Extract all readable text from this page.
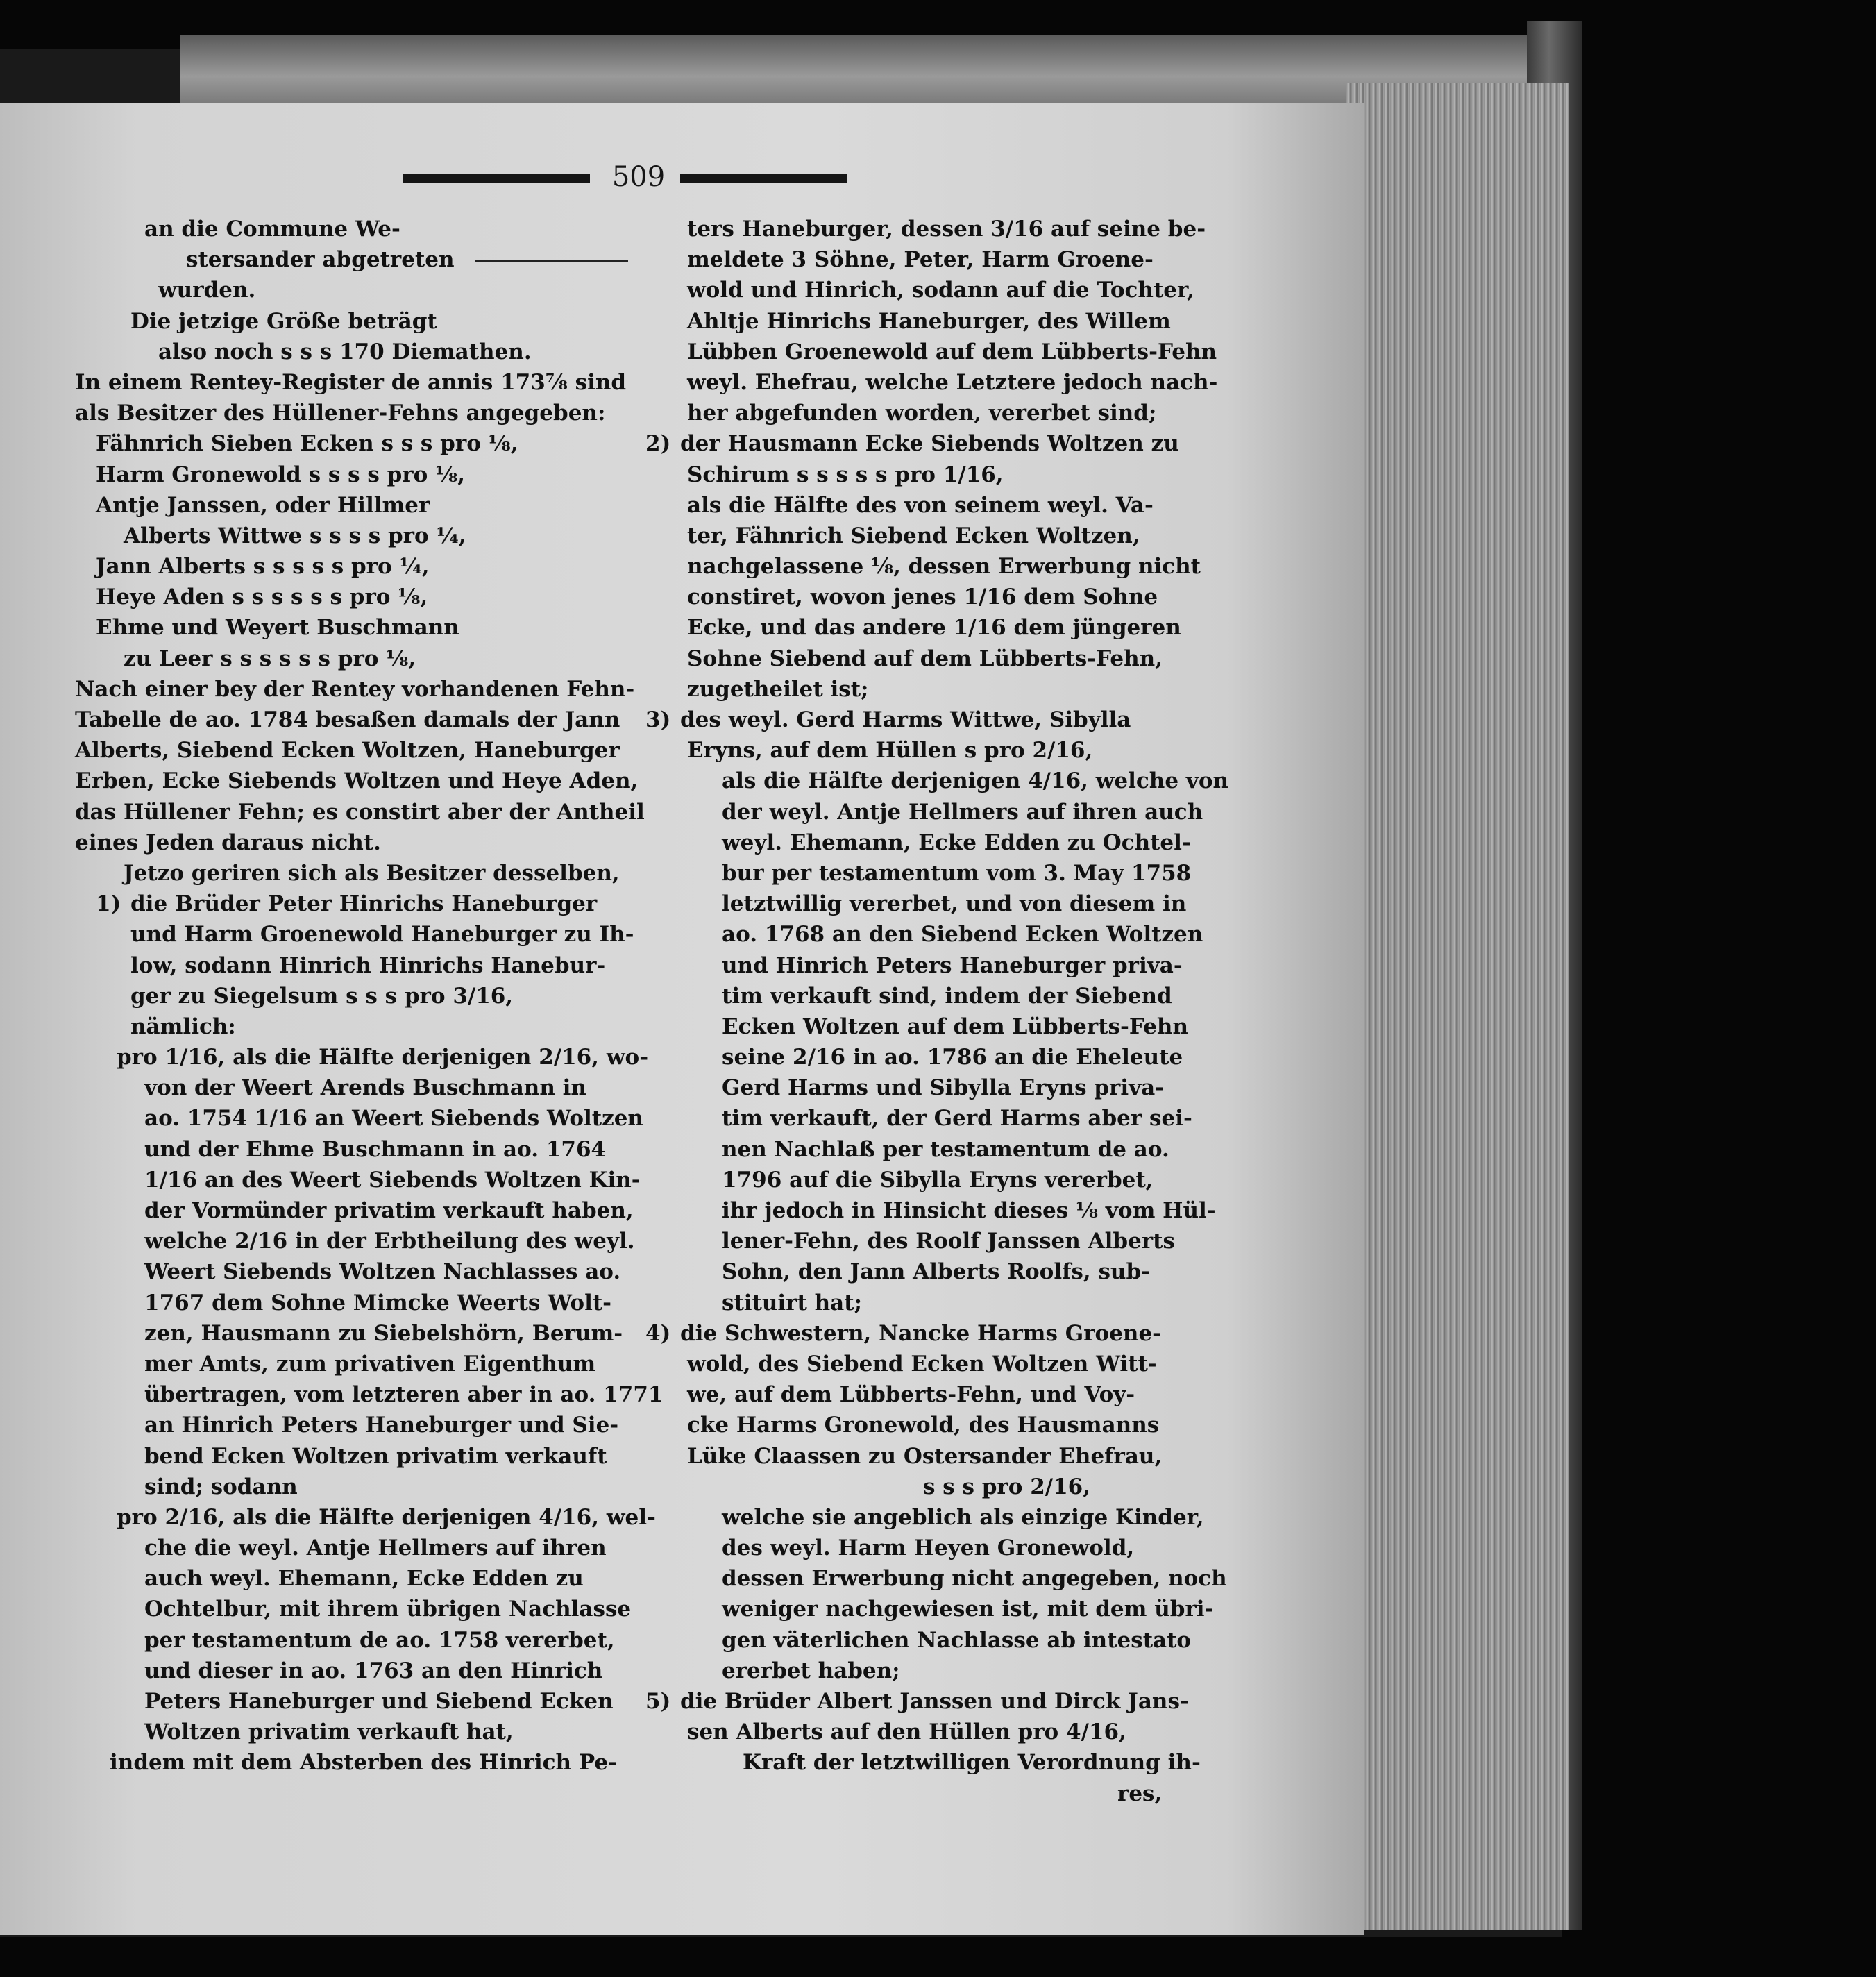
509
an die Commune We-
stersander abgetreten
wurden.
Die jetzige Größe beträgt
also noch s s s 170 Diemathen.
In einem Rentey-Register de annis 173⅞ sind
als Besitzer des Hüllener-Fehns angegeben:
Fähnrich Sieben Ecken s s s pro ⅛,
Harm Gronewold s s s s pro ⅛,
Antje Janssen, oder Hillmer
Alberts Wittwe s s s s pro ¼,
Jann Alberts s s s s s pro ¼,
Heye Aden s s s s s s pro ⅛,
Ehme und Weyert Buschmann
zu Leer s s s s s s pro ⅛,
Nach einer bey der Rentey vorhandenen Fehn-
Tabelle de ao. 1784 besaßen damals der Jann
Alberts, Siebend Ecken Woltzen, Haneburger
Erben, Ecke Siebends Woltzen und Heye Aden,
das Hüllener Fehn; es constirt aber der Antheil
eines Jeden daraus nicht.
Jetzo geriren sich als Besitzer desselben,
1) die Brüder Peter Hinrichs Haneburger
und Harm Groenewold Haneburger zu Ih-
low, sodann Hinrich Hinrichs Hanebur-
ger zu Siegelsum s s s pro 3/16,
nämlich:
pro 1/16, als die Hälfte derjenigen 2/16, wo-
von der Weert Arends Buschmann in
ao. 1754 1/16 an Weert Siebends Woltzen
und der Ehme Buschmann in ao. 1764
1/16 an des Weert Siebends Woltzen Kin-
der Vormünder privatim verkauft haben,
welche 2/16 in der Erbtheilung des weyl.
Weert Siebends Woltzen Nachlasses ao.
1767 dem Sohne Mimcke Weerts Wolt-
zen, Hausmann zu Siebelshörn, Berum-
mer Amts, zum privativen Eigenthum
übertragen, vom letzteren aber in ao. 1771
an Hinrich Peters Haneburger und Sie-
bend Ecken Woltzen privatim verkauft
sind; sodann
pro 2/16, als die Hälfte derjenigen 4/16, wel-
che die weyl. Antje Hellmers auf ihren
auch weyl. Ehemann, Ecke Edden zu
Ochtelbur, mit ihrem übrigen Nachlasse
per testamentum de ao. 1758 vererbet,
und dieser in ao. 1763 an den Hinrich
Peters Haneburger und Siebend Ecken
Woltzen privatim verkauft hat,
indem mit dem Absterben des Hinrich Pe-
ters Haneburger, dessen 3/16 auf seine be-
meldete 3 Söhne, Peter, Harm Groene-
wold und Hinrich, sodann auf die Tochter,
Ahltje Hinrichs Haneburger, des Willem
Lübben Groenewold auf dem Lübberts-Fehn
weyl. Ehefrau, welche Letztere jedoch nach-
her abgefunden worden, vererbet sind;
2) der Hausmann Ecke Siebends Woltzen zu
Schirum s s s s s pro 1/16,
als die Hälfte des von seinem weyl. Va-
ter, Fähnrich Siebend Ecken Woltzen,
nachgelassene ⅛, dessen Erwerbung nicht
constiret, wovon jenes 1/16 dem Sohne
Ecke, und das andere 1/16 dem jüngeren
Sohne Siebend auf dem Lübberts-Fehn,
zugetheilet ist;
3) des weyl. Gerd Harms Wittwe, Sibylla
Eryns, auf dem Hüllen s pro 2/16,
als die Hälfte derjenigen 4/16, welche von
der weyl. Antje Hellmers auf ihren auch
weyl. Ehemann, Ecke Edden zu Ochtel-
bur per testamentum vom 3. May 1758
letztwillig vererbet, und von diesem in
ao. 1768 an den Siebend Ecken Woltzen
und Hinrich Peters Haneburger priva-
tim verkauft sind, indem der Siebend
Ecken Woltzen auf dem Lübberts-Fehn
seine 2/16 in ao. 1786 an die Eheleute
Gerd Harms und Sibylla Eryns priva-
tim verkauft, der Gerd Harms aber sei-
nen Nachlaß per testamentum de ao.
1796 auf die Sibylla Eryns vererbet,
ihr jedoch in Hinsicht dieses ⅛ vom Hül-
lener-Fehn, des Roolf Janssen Alberts
Sohn, den Jann Alberts Roolfs, sub-
stituirt hat;
4) die Schwestern, Nancke Harms Groene-
wold, des Siebend Ecken Woltzen Witt-
we, auf dem Lübberts-Fehn, und Voy-
cke Harms Gronewold, des Hausmanns
Lüke Claassen zu Ostersander Ehefrau,
s s s pro 2/16,
welche sie angeblich als einzige Kinder,
des weyl. Harm Heyen Gronewold,
dessen Erwerbung nicht angegeben, noch
weniger nachgewiesen ist, mit dem übri-
gen väterlichen Nachlasse ab intestato
ererbet haben;
5) die Brüder Albert Janssen und Dirck Jans-
sen Alberts auf den Hüllen pro 4/16,
Kraft der letztwilligen Verordnung ih-
res,
